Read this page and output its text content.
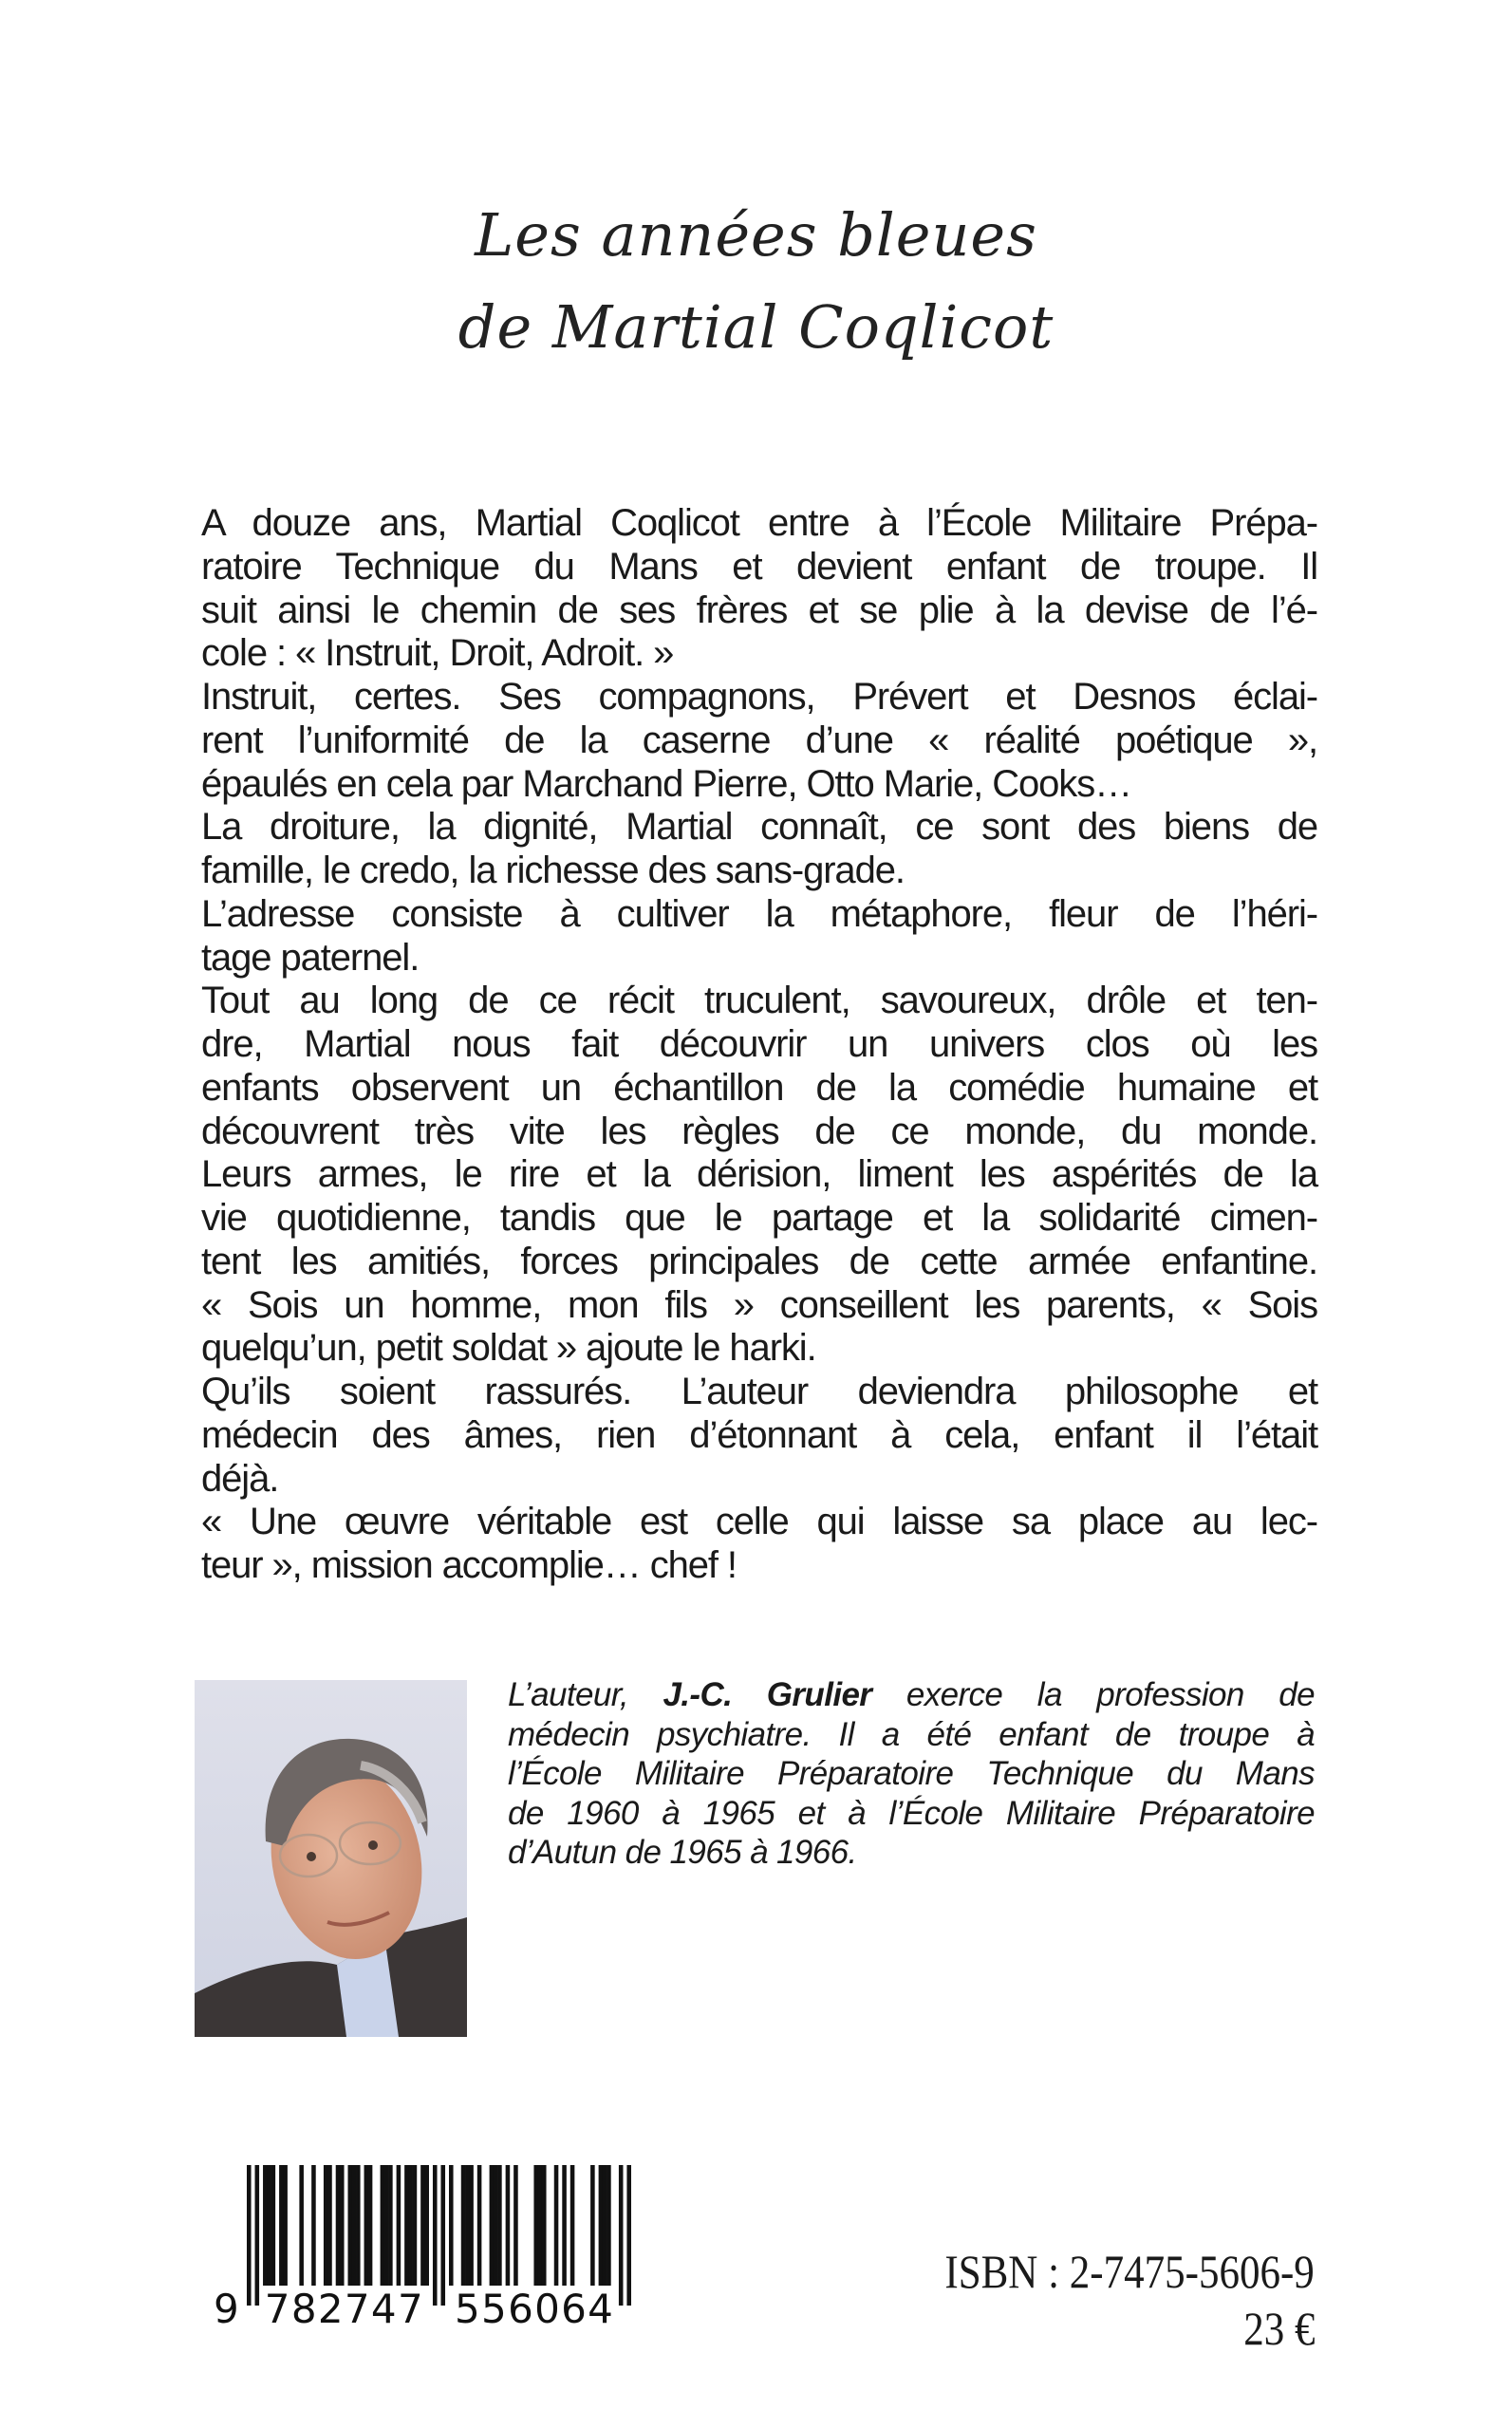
Les années bleues
de Martial Coqlicot
A douze ans, Martial Coqlicot entre à l’École Militaire Prépa-
ratoire Technique du Mans et devient enfant de troupe. Il
suit ainsi le chemin de ses frères et se plie à la devise de l’é-
cole : « Instruit, Droit, Adroit. »
Instruit, certes. Ses compagnons, Prévert et Desnos éclai-
rent l’uniformité de la caserne d’une « réalité poétique »,
épaulés en cela par Marchand Pierre, Otto Marie, Cooks…
La droiture, la dignité, Martial connaît, ce sont des biens de
famille, le credo, la richesse des sans-grade.
L’adresse consiste à cultiver la métaphore, fleur de l’héri-
tage paternel.
Tout au long de ce récit truculent, savoureux, drôle et ten-
dre, Martial nous fait découvrir un univers clos où les
enfants observent un échantillon de la comédie humaine et
découvrent très vite les règles de ce monde, du monde.
Leurs armes, le rire et la dérision, liment les aspérités de la
vie quotidienne, tandis que le partage et la solidarité cimen-
tent les amitiés, forces principales de cette armée enfantine.
« Sois un homme, mon fils » conseillent les parents, « Sois
quelqu’un, petit soldat » ajoute le harki.
Qu’ils soient rassurés. L’auteur deviendra philosophe et
médecin des âmes, rien d’étonnant à cela, enfant il l’était
déjà.
« Une œuvre véritable est celle qui laisse sa place au lec-
teur », mission accomplie… chef !
L’auteur, J.-C. Grulier exerce la profession de
médecin psychiatre. Il a été enfant de troupe à
l’École Militaire Préparatoire Technique du Mans
de 1960 à 1965 et à l’École Militaire Préparatoire
d’Autun de 1965 à 1966.
9 782747 556064
ISBN : 2-7475-5606-9
23 €
